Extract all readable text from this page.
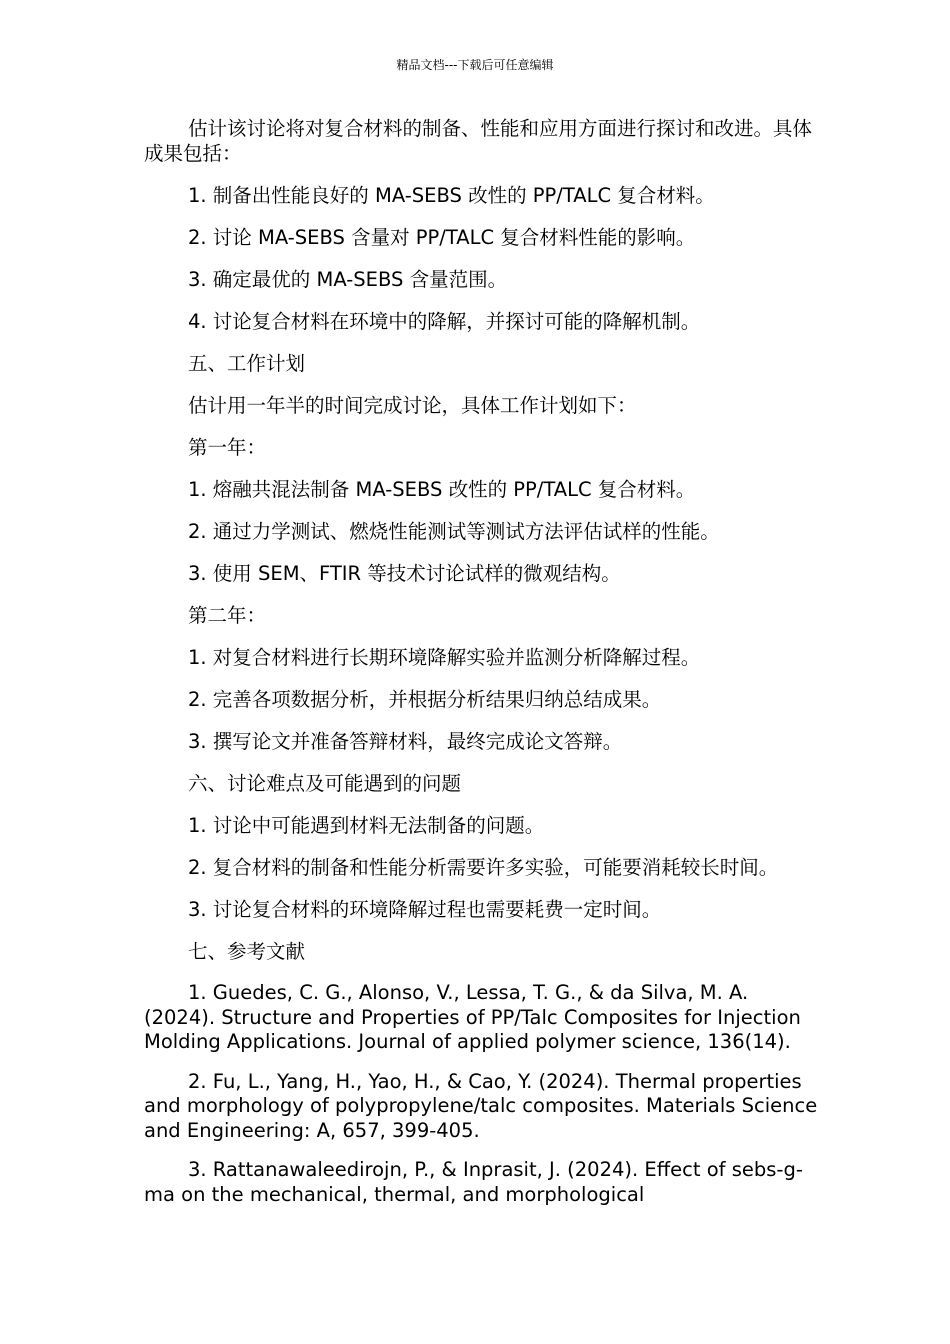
精品文档---下载后可任意编辑

估计该讨论将对复合材料的制备、性能和应用方面进行探讨和改进。具体成果包括：

1. 制备出性能良好的 MA-SEBS 改性的 PP/TALC 复合材料。

2. 讨论 MA-SEBS 含量对 PP/TALC 复合材料性能的影响。

3. 确定最优的 MA-SEBS 含量范围。

4. 讨论复合材料在环境中的降解，并探讨可能的降解机制。

五、工作计划

估计用一年半的时间完成讨论，具体工作计划如下：

第一年：

1. 熔融共混法制备 MA-SEBS 改性的 PP/TALC 复合材料。

2. 通过力学测试、燃烧性能测试等测试方法评估试样的性能。

3. 使用 SEM、FTIR 等技术讨论试样的微观结构。

第二年：

1. 对复合材料进行长期环境降解实验并监测分析降解过程。

2. 完善各项数据分析，并根据分析结果归纳总结成果。

3. 撰写论文并准备答辩材料，最终完成论文答辩。

六、讨论难点及可能遇到的问题

1. 讨论中可能遇到材料无法制备的问题。

2. 复合材料的制备和性能分析需要许多实验，可能要消耗较长时间。

3. 讨论复合材料的环境降解过程也需要耗费一定时间。

七、参考文献

1. Guedes, C. G., Alonso, V., Lessa, T. G., & da Silva, M. A. (2024). Structure and Properties of PP/Talc Composites for Injection Molding Applications. Journal of applied polymer science, 136(14).

2. Fu, L., Yang, H., Yao, H., & Cao, Y. (2024). Thermal properties and morphology of polypropylene/talc composites. Materials Science and Engineering: A, 657, 399-405.

3. Rattanawaleedirojn, P., & Inprasit, J. (2024). Effect of sebs-g-ma on the mechanical, thermal, and morphological
